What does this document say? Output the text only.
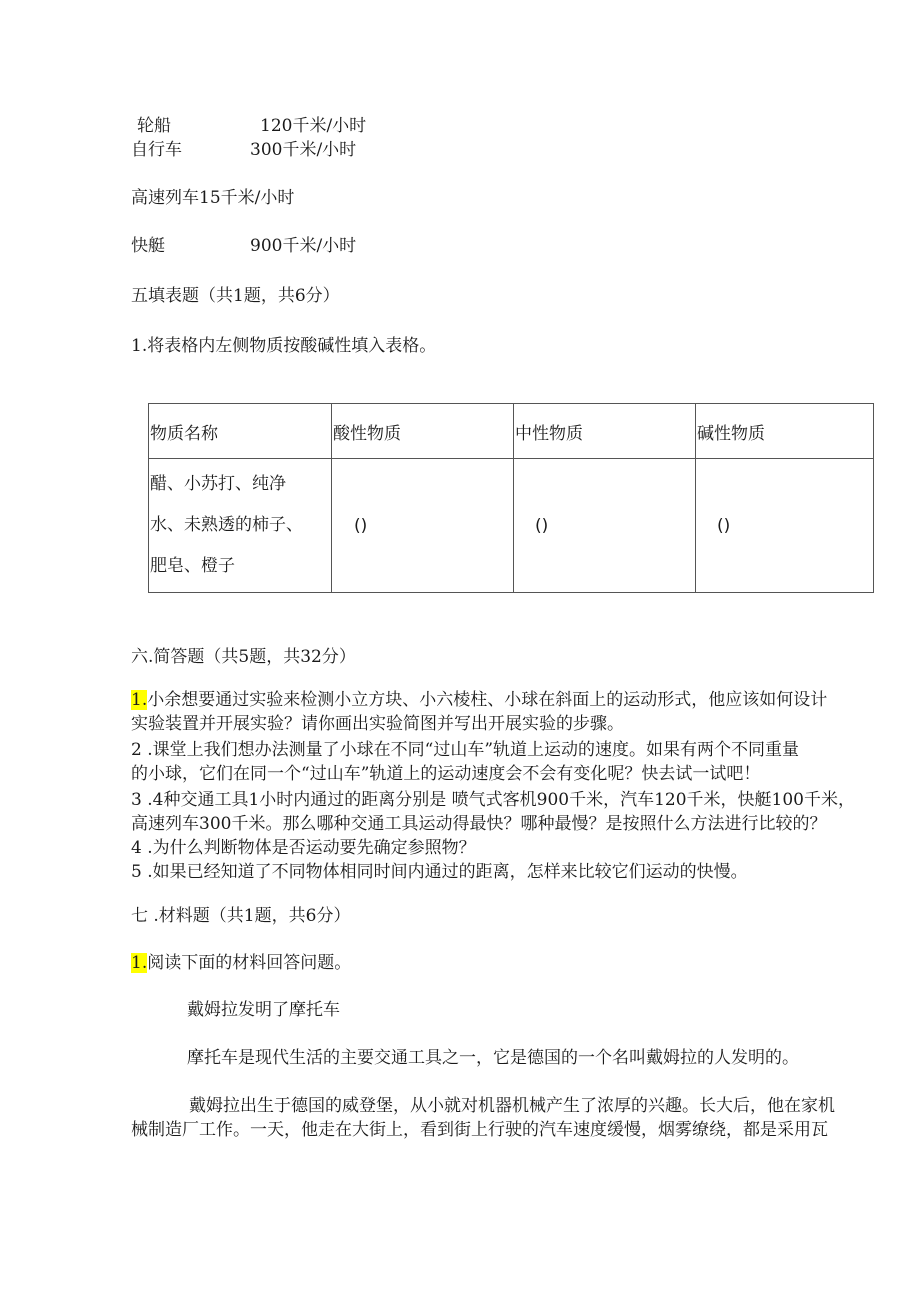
轮船	120千米/小时
自行车	300千米/小时
高速列车 15千米/小时
快艇	900千米/小时
五填表题（共1题，共6分）
1.将表格内左侧物质按酸碱性填入表格。
物质名称	酸性物质	中性物质	碱性物质

醋、小苏打、纯净
水、未熟透的柿子、
肥皂、橙子	()	()	()
六.简答题（共5题，共32分）
1.小余想要通过实验来检测小立方块、小六棱柱、小球在斜面上的运动形式，他应该如何设计
实验装置并开展实验？请你画出实验简图并写出开展实验的步骤。
2 .课堂上我们想办法测量了小球在不同“过山车”轨道上运动的速度。如果有两个不同重量
的小球，它们在同一个“过山车”轨道上的运动速度会不会有变化呢？快去试一试吧！
3 .4种交通工具1小时内通过的距离分别是 喷气式客机900千米，汽车120千米，快艇100千米，
高速列车300千米。那么哪种交通工具运动得最快？哪种最慢？是按照什么方法进行比较的？
4 .为什么判断物体是否运动要先确定参照物？
5 .如果已经知道了不同物体相同时间内通过的距离，怎样来比较它们运动的快慢。
七 .材料题（共1题，共6分）
1.阅读下面的材料回答问题。
戴姆拉发明了摩托车
摩托车是现代生活的主要交通工具之一，它是德国的一个名叫戴姆拉的人发明的。
戴姆拉出生于德国的威登堡，从小就对机器机械产生了浓厚的兴趣。长大后，他在家机
械制造厂工作。一天，他走在大街上，看到街上行驶的汽车速度缓慢，烟雾缭绕，都是采用瓦
